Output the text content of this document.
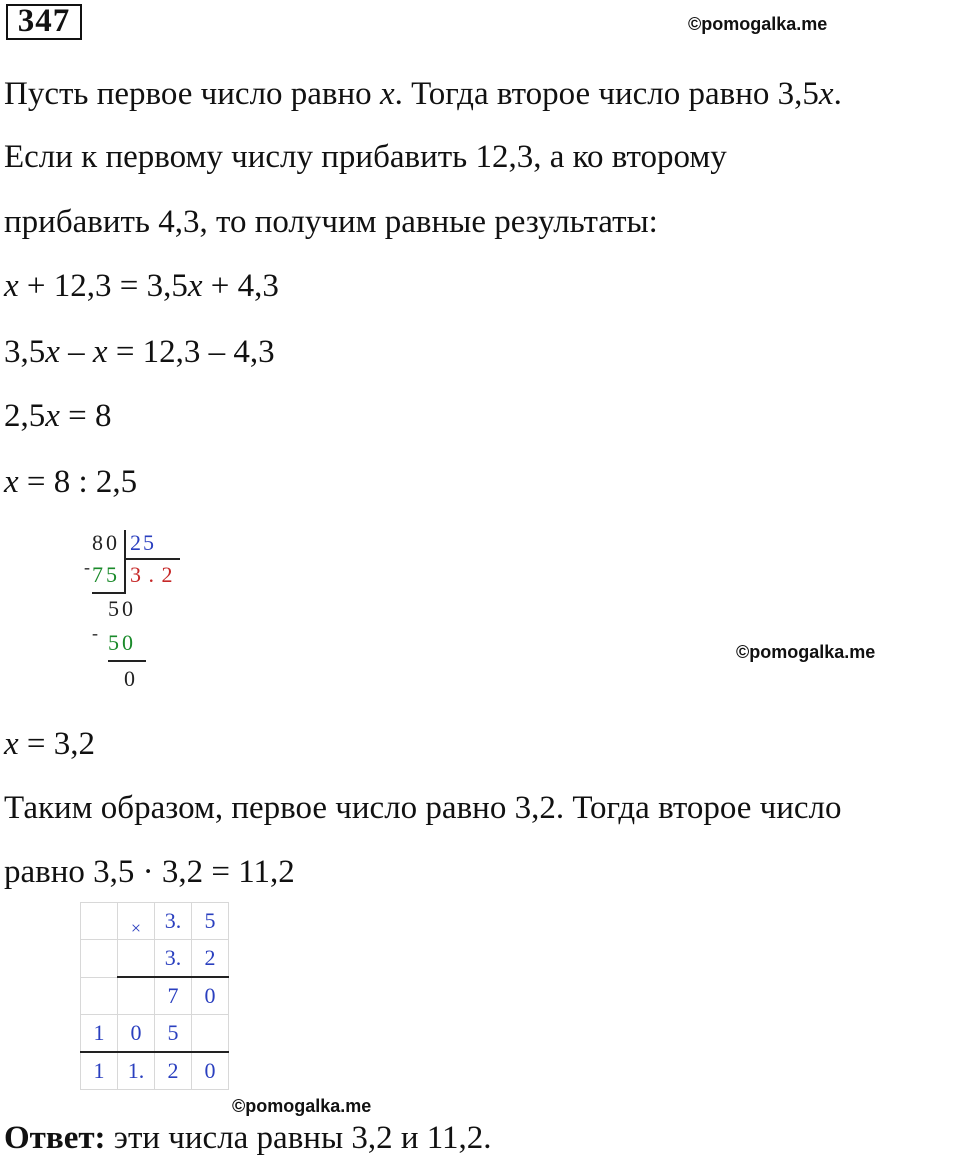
347	©pomogalka.me
Пусть первое число равно x. Тогда второе число равно 3,5x.
Если к первому числу прибавить 12,3, а ко второму
прибавить 4,3, то получим равные результаты:
x + 12,3 = 3,5x + 4,3
3,5x – x = 12,3 – 4,3
2,5x = 8
x = 8 : 2,5
80 25
- 75 3 . 2
50
- 50
0
©pomogalka.me
x = 3,2
Таким образом, первое число равно 3,2. Тогда второе число
равно 3,5 · 3,2 = 11,2
	×	3.	5
		3.	2
		7	0
1	0	5	
1	1.	2	0
©pomogalka.me
Ответ: эти числа равны 3,2 и 11,2.
